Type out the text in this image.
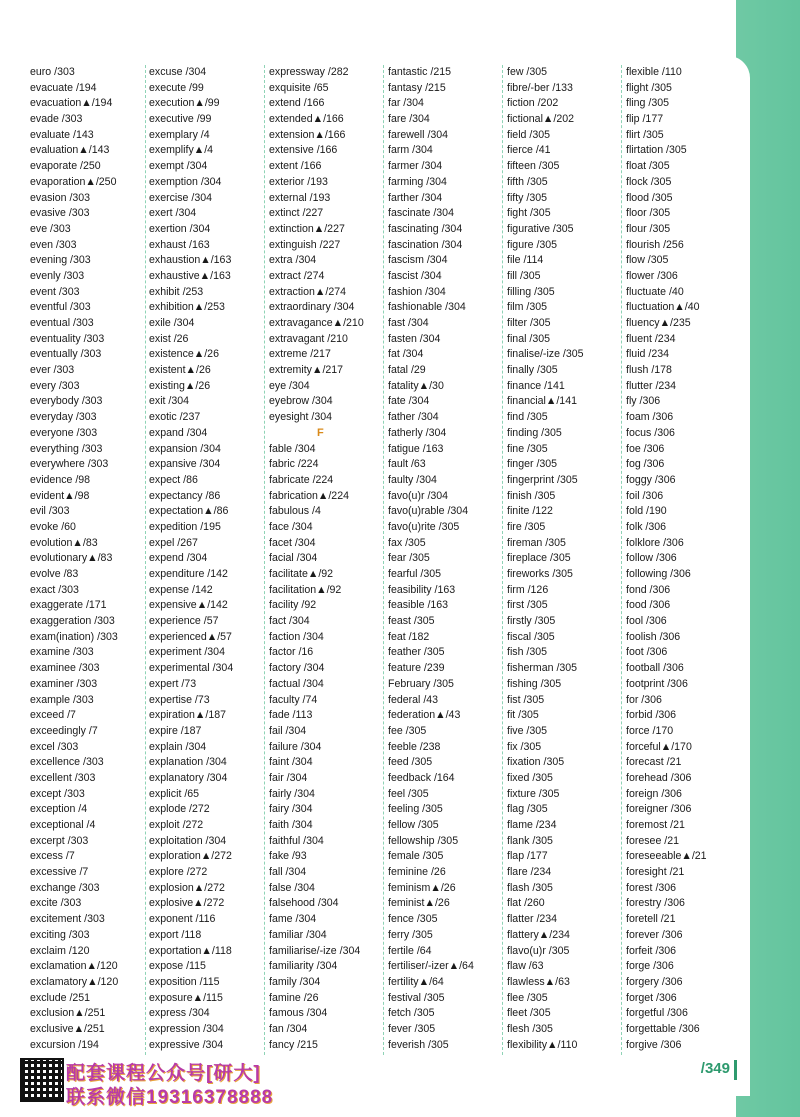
euro /303
evacuate /194
evacuation▲/194
evade /303
evaluate /143
evaluation▲/143
evaporate /250
evaporation▲/250
evasion /303
evasive /303
eve /303
even /303
evening /303
evenly /303
event /303
eventful /303
eventual /303
eventuality /303
eventually /303
ever /303
every /303
everybody /303
everyday /303
everyone /303
everything /303
everywhere /303
evidence /98
evident▲/98
evil /303
evoke /60
evolution▲/83
evolutionary▲/83
evolve /83
exact /303
exaggerate /171
exaggeration /303
exam(ination) /303
examine /303
examinee /303
examiner /303
example /303
exceed /7
exceedingly /7
excel /303
excellence /303
excellent /303
except /303
exception /4
exceptional /4
excerpt /303
excess /7
excessive /7
exchange /303
excite /303
excitement /303
exciting /303
exclaim /120
exclamation▲/120
exclamatory▲/120
exclude /251
exclusion▲/251
exclusive▲/251
excursion /194
excuse /304
execute /99
execution▲/99
executive /99
exemplary /4
exemplify▲/4
exempt /304
exemption /304
exercise /304
exert /304
exertion /304
exhaust /163
exhaustion▲/163
exhaustive▲/163
exhibit /253
exhibition▲/253
exile /304
exist /26
existence▲/26
existent▲/26
existing▲/26
exit /304
exotic /237
expand /304
expansion /304
expansive /304
expect /86
expectancy /86
expectation▲/86
expedition /195
expel /267
expend /304
expenditure /142
expense /142
expensive▲/142
experience /57
experienced▲/57
experiment /304
experimental /304
expert /73
expertise /73
expiration▲/187
expire /187
explain /304
explanation /304
explanatory /304
explicit /65
explode /272
exploit /272
exploitation /304
exploration▲/272
explore /272
explosion▲/272
explosive▲/272
exponent /116
export /118
exportation▲/118
expose /115
exposition /115
exposure▲/115
express /304
expression /304
expressive /304
expressway /282
exquisite /65
extend /166
extended▲/166
extension▲/166
extensive /166
extent /166
exterior /193
external /193
extinct /227
extinction▲/227
extinguish /227
extra /304
extract /274
extraction▲/274
extraordinary /304
extravagance▲/210
extravagant /210
extreme /217
extremity▲/217
eye /304
eyebrow /304
eyesight /304
F
fable /304
fabric /224
fabricate /224
fabrication▲/224
fabulous /4
face /304
facet /304
facial /304
facilitate▲/92
facilitation▲/92
facility /92
fact /304
faction /304
factor /16
factory /304
factual /304
faculty /74
fade /113
fail /304
failure /304
faint /304
fair /304
fairly /304
fairy /304
faith /304
faithful /304
fake /93
fall /304
false /304
falsehood /304
fame /304
familiar /304
familiarise/-ize /304
familiarity /304
family /304
famine /26
famous /304
fan /304
fancy /215
fantastic /215
fantasy /215
far /304
fare /304
farewell /304
farm /304
farmer /304
farming /304
farther /304
fascinate /304
fascinating /304
fascination /304
fascism /304
fascist /304
fashion /304
fashionable /304
fast /304
fasten /304
fat /304
fatal /29
fatality▲/30
fate /304
father /304
fatherly /304
fatigue /163
fault /63
faulty /304
favo(u)r /304
favo(u)rable /304
favo(u)rite /305
fax /305
fear /305
fearful /305
feasibility /163
feasible /163
feast /305
feat /182
feather /305
feature /239
February /305
federal /43
federation▲/43
fee /305
feeble /238
feed /305
feedback /164
feel /305
feeling /305
fellow /305
fellowship /305
female /305
feminine /26
feminism▲/26
feminist▲/26
fence /305
ferry /305
fertile /64
fertiliser/-izer▲/64
fertility▲/64
festival /305
fetch /305
fever /305
feverish /305
few /305
fibre/-ber /133
fiction /202
fictional▲/202
field /305
fierce /41
fifteen /305
fifth /305
fifty /305
fight /305
figurative /305
figure /305
file /114
fill /305
filling /305
film /305
filter /305
final /305
finalise/-ize /305
finally /305
finance /141
financial▲/141
find /305
finding /305
fine /305
finger /305
fingerprint /305
finish /305
finite /122
fire /305
fireman /305
fireplace /305
fireworks /305
firm /126
first /305
firstly /305
fiscal /305
fish /305
fisherman /305
fishing /305
fist /305
fit /305
five /305
fix /305
fixation /305
fixed /305
fixture /305
flag /305
flame /234
flank /305
flap /177
flare /234
flash /305
flat /260
flatter /234
flattery▲/234
flavo(u)r /305
flaw /63
flawless▲/63
flee /305
fleet /305
flesh /305
flexibility▲/110
flexible /110
flight /305
fling /305
flip /177
flirt /305
flirtation /305
float /305
flock /305
flood /305
floor /305
flour /305
flourish /256
flow /305
flower /306
fluctuate /40
fluctuation▲/40
fluency▲/235
fluent /234
fluid /234
flush /178
flutter /234
fly /306
foam /306
focus /306
foe /306
fog /306
foggy /306
foil /306
fold /190
folk /306
folklore /306
follow /306
following /306
fond /306
food /306
fool /306
foolish /306
foot /306
football /306
footprint /306
for /306
forbid /306
force /170
forceful▲/170
forecast /21
forehead /306
foreign /306
foreigner /306
foremost /21
foresee /21
foreseeable▲/21
foresight /21
forest /306
forestry /306
foretell /21
forever /306
forfeit /306
forge /306
forgery /306
forget /306
forgetful /306
forgettable /306
forgive /306
配套课程公众号[研大]
联系微信19316378888
/349
